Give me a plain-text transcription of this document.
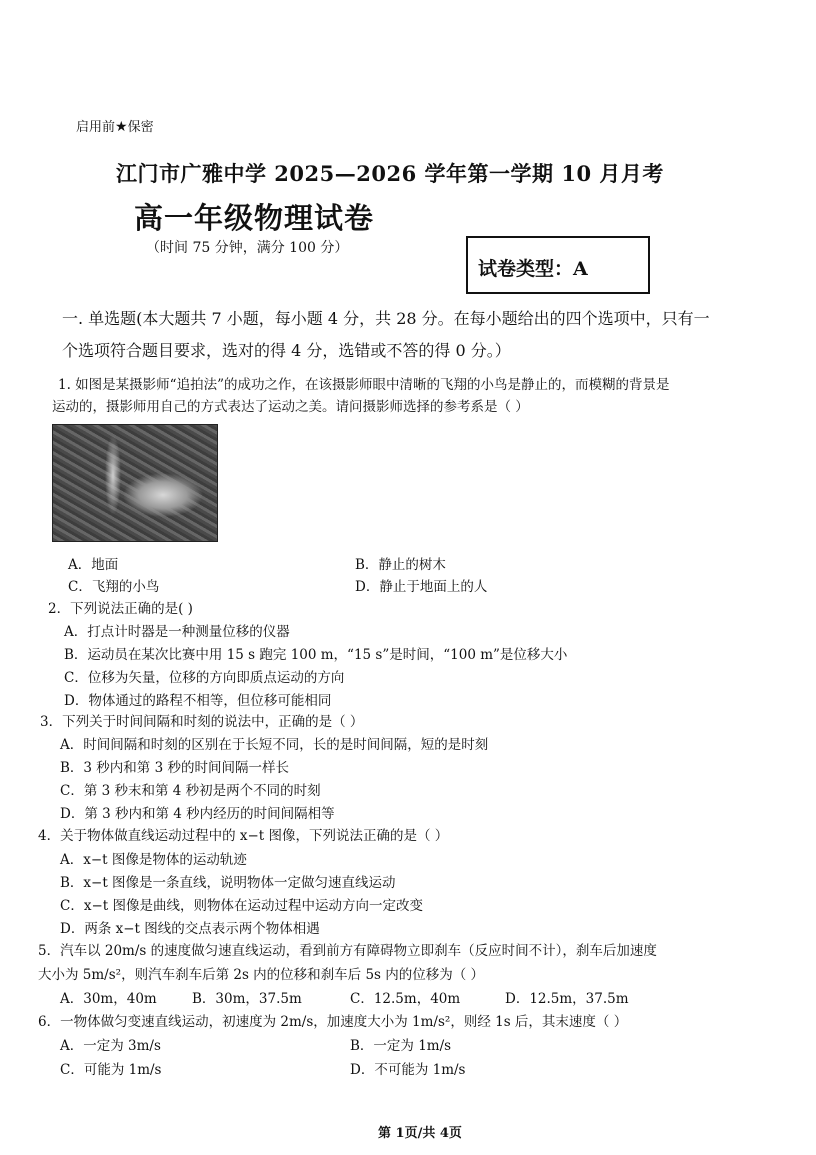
启用前★保密
江门市广雅中学 2025—2026 学年第一学期 10 月月考
高一年级物理试卷
（时间 75 分钟，满分 100 分）
试卷类型：A
一. 单选题(本大题共 7 小题，每小题 4 分，共 28 分。在每小题给出的四个选项中，只有一
个选项符合题目要求，选对的得 4 分，选错或不答的得 0 分。）
1. 如图是某摄影师“追拍法”的成功之作，在该摄影师眼中清晰的飞翔的小鸟是静止的，而模糊的背景是
运动的，摄影师用自己的方式表达了运动之美。请问摄影师选择的参考系是（ ）
A．地面	B．静止的树木
C．飞翔的小鸟	D．静止于地面上的人
2．下列说法正确的是( )
A．打点计时器是一种测量位移的仪器
B．运动员在某次比赛中用 15 s 跑完 100 m，“15 s”是时间，“100 m”是位移大小
C．位移为矢量，位移的方向即质点运动的方向
D．物体通过的路程不相等，但位移可能相同
3．下列关于时间间隔和时刻的说法中，正确的是（ ）
A．时间间隔和时刻的区别在于长短不同，长的是时间间隔，短的是时刻
B．3 秒内和第 3 秒的时间间隔一样长
C．第 3 秒末和第 4 秒初是两个不同的时刻
D．第 3 秒内和第 4 秒内经历的时间间隔相等
4．关于物体做直线运动过程中的 x−t 图像，下列说法正确的是（ ）
A．x−t 图像是物体的运动轨迹
B．x−t 图像是一条直线，说明物体一定做匀速直线运动
C．x−t 图像是曲线，则物体在运动过程中运动方向一定改变
D．两条 x−t 图线的交点表示两个物体相遇
5．汽车以 20m/s 的速度做匀速直线运动，看到前方有障碍物立即刹车（反应时间不计），刹车后加速度
大小为 5m/s²，则汽车刹车后第 2s 内的位移和刹车后 5s 内的位移为（ ）
A．30m，40m	B．30m，37.5m	C．12.5m，40m	D．12.5m，37.5m
6．一物体做匀变速直线运动，初速度为 2m/s，加速度大小为 1m/s²，则经 1s 后，其末速度（ ）
A．一定为 3m/s	B．一定为 1m/s
C．可能为 1m/s	D．不可能为 1m/s
第 1页/共 4页
